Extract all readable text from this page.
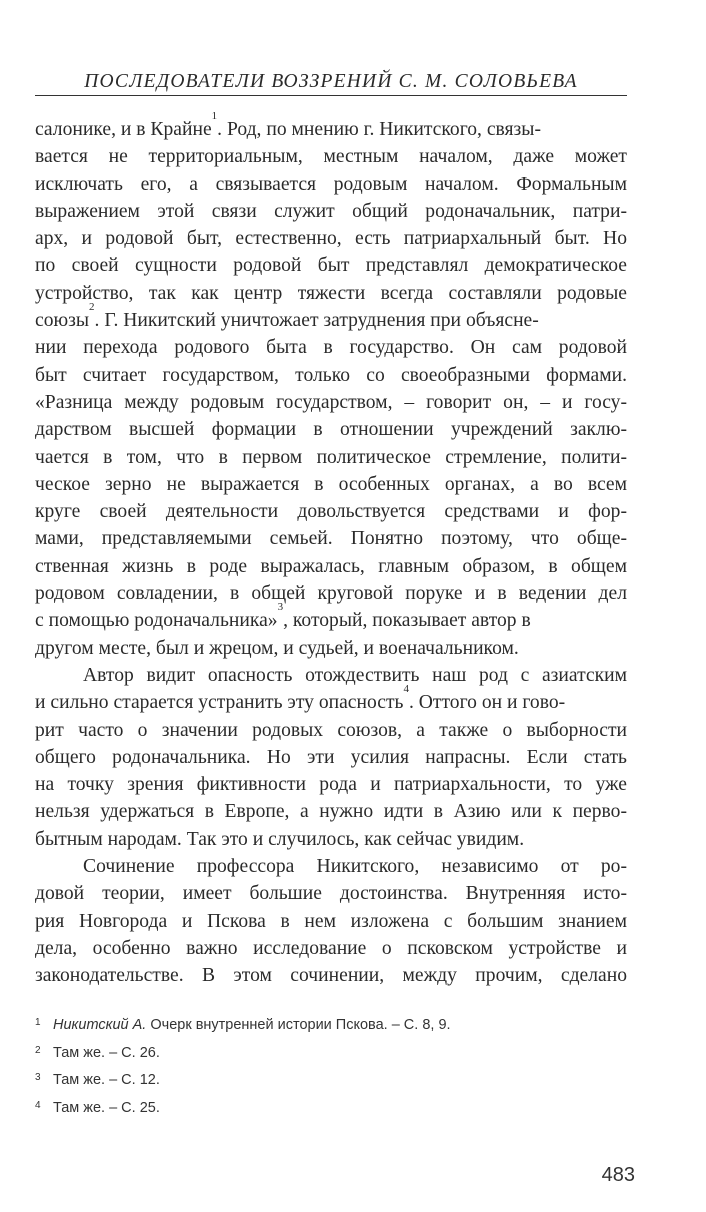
ПОСЛЕДОВАТЕЛИ ВОЗЗРЕНИЙ С. М. СОЛОВЬЕВА
салонике, и в Крайне
1
. Род, по мнению г. Никитского, связы-
вается не территориальным, местным началом, даже может
исключать его, а связывается родовым началом. Формальным
выражением этой связи служит общий родоначальник, патри-
арх, и родовой быт, естественно, есть патриархальный быт. Но
по своей сущности родовой быт представлял демократическое
устройство, так как центр тяжести всегда составляли родовые
союзы
2
. Г. Никитский уничтожает затруднения при объясне-
нии перехода родового быта в государство. Он сам родовой
быт считает государством, только со своеобразными формами.
«Разница между родовым государством, – говорит он, – и госу-
дарством высшей формации в отношении учреждений заклю-
чается в том, что в первом политическое стремление, полити-
ческое зерно не выражается в особенных органах, а во всем
круге своей деятельности довольствуется средствами и фор-
мами, представляемыми семьей. Понятно поэтому, что обще-
ственная жизнь в роде выражалась, главным образом, в общем
родовом совладении, в общей круговой поруке и в ведении дел
с помощью родоначальника»
3
, который, показывает автор в
другом месте, был и жрецом, и судьей, и военачальником.
Автор видит опасность отождествить наш род с азиатским
и сильно старается устранить эту опасность
4
. Оттого он и гово-
рит часто о значении родовых союзов, а также о выборности
общего родоначальника. Но эти усилия напрасны. Если стать
на точку зрения фиктивности рода и патриархальности, то уже
нельзя удержаться в Европе, а нужно идти в Азию или к перво-
бытным народам. Так это и случилось, как сейчас увидим.
Сочинение профессора Никитского, независимо от ро-
довой теории, имеет большие достоинства. Внутренняя исто-
рия Новгорода и Пскова в нем изложена с большим знанием
дела, особенно важно исследование о псковском устройстве и
законодательстве. В этом сочинении, между прочим, сделано
1 Никитский А. Очерк внутренней истории Пскова. – С. 8, 9.
2 Там же. – С. 26.
3 Там же. – С. 12.
4 Там же. – С. 25.
483
